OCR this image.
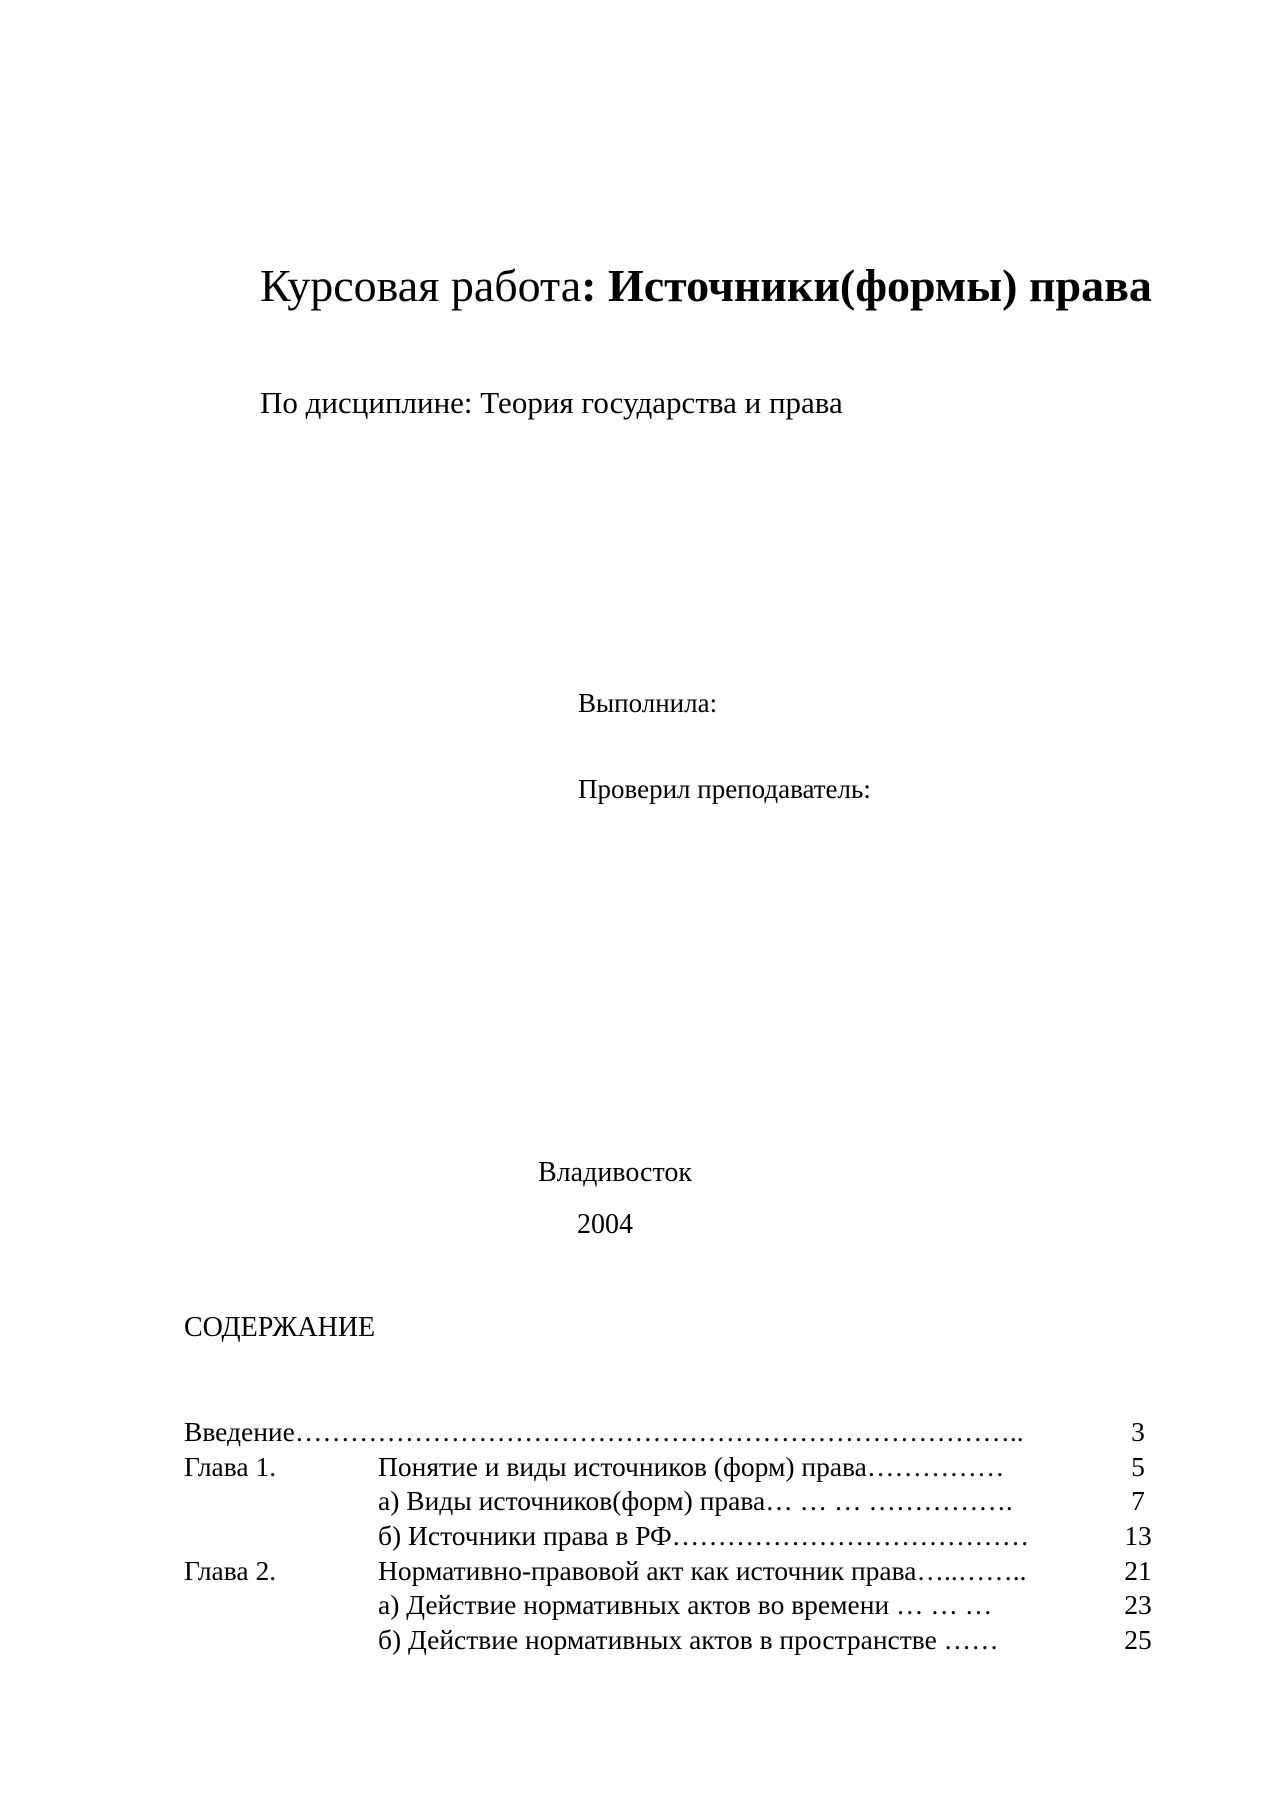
Курсовая работа: Источники(формы) права
По дисциплине: Теория государства и права
Выполнила:
Проверил преподаватель:
Владивосток
2004
СОДЕРЖАНИЕ
Введение……………………………………………………………………..	3
Глава 1.	Понятие и виды источников (форм) права……………	5
а) Виды источников(форм) права… … … …………….	7
б) Источники права в РФ…………………………………	13
Глава 2.	Нормативно-правовой акт как источник права…..……..	21
а) Действие нормативных актов во времени … … …	23
б) Действие нормативных актов в пространстве ……	25
